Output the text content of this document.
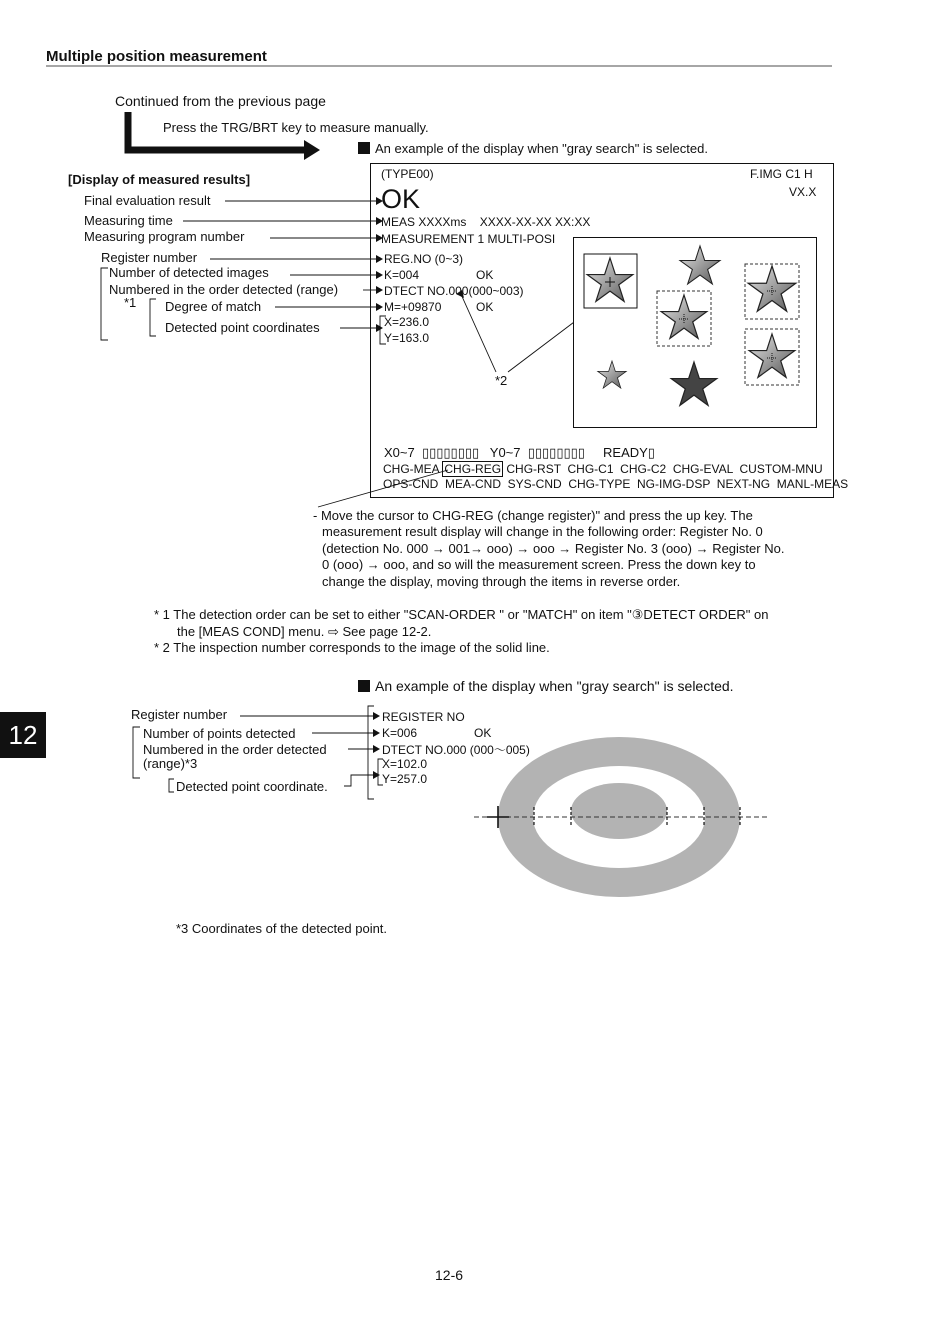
Multiple position measurement
Continued from the previous page
Press the TRG/BRT key to measure manually.
An example of the display when "gray search" is selected.
[Display of measured results]
Final evaluation result
Measuring time
Measuring program number
Register number
Number of detected images
Numbered in the order detected (range)
*1 Degree of match
Detected point coordinates
(TYPE00)	F.IMG C1 H
VX.X
OK
MEAS XXXXms    XXXX-XX-XX XX:XX
MEASUREMENT 1 MULTI-POSI
REG.NO (0~3)
K=004	OK
DTECT NO.000(000~003)
M=+09870	OK
X=236.0
Y=163.0
*2
X0~7  ▯▯▯▯▯▯▯▯   Y0~7  ▯▯▯▯▯▯▯▯     READY▯
CHG-MEA CHG-REG CHG-RST  CHG-C1  CHG-C2  CHG-EVAL  CUSTOM-MNU
OPS-CND  MEA-CND  SYS-CND  CHG-TYPE  NG-IMG-DSP  NEXT-NG  MANL-MEAS
- Move the cursor to CHG-REG (change register)" and press the up key. The
measurement result display will change in the following order: Register No. 0
(detection No. 000 → 001→ ooo) → ooo → Register No. 3 (ooo) → Register No.
0 (ooo) → ooo, and so will the measurement screen. Press the down key to
change the display, moving through the items in reverse order.
* 1 The detection order can be set to either "SCAN-ORDER " or "MATCH" on item "③DETECT ORDER" on
the [MEAS COND] menu. ⇨ See page 12-2.
* 2 The inspection number corresponds to the image of the solid line.
An example of the display when "gray search" is selected.
Register number
Number of points detected
Numbered in the order detected
(range)*3
Detected point coordinate.
REGISTER NO
K=006	OK
DTECT NO.000 (000～005)
X=102.0
Y=257.0
*3 Coordinates of the detected point.
12
12-6
